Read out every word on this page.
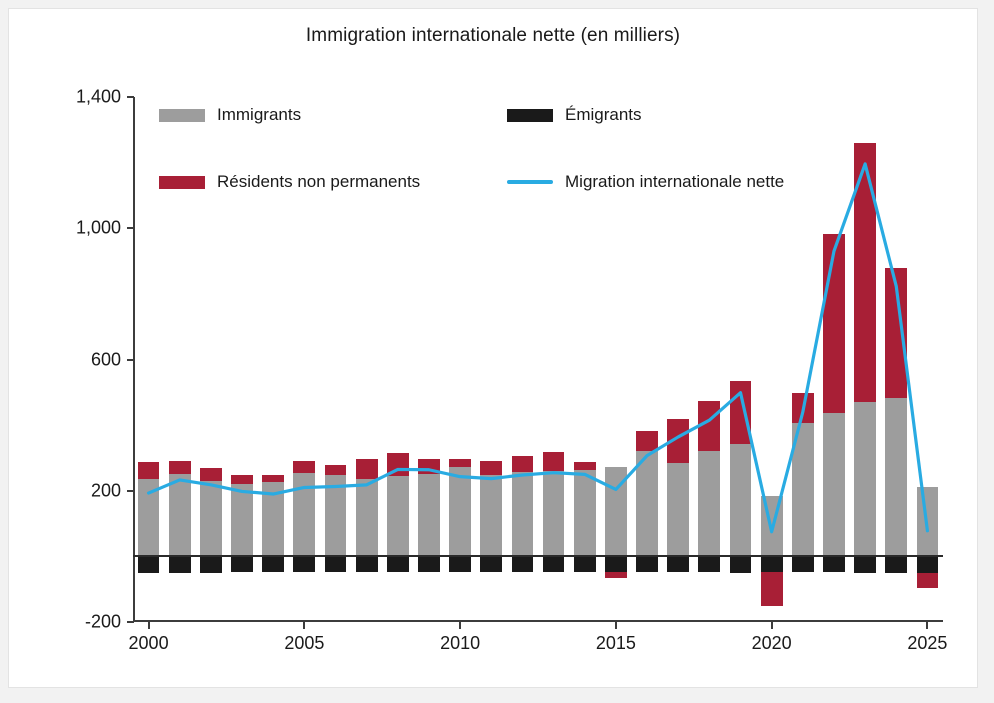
Immigration internationale nette (en milliers)
-200
200
600
1,000
1,400
2000	2005	2010	2015	2020	2025
Immigrants	Émigrants
Résidents non permanents	Migration internationale nette
